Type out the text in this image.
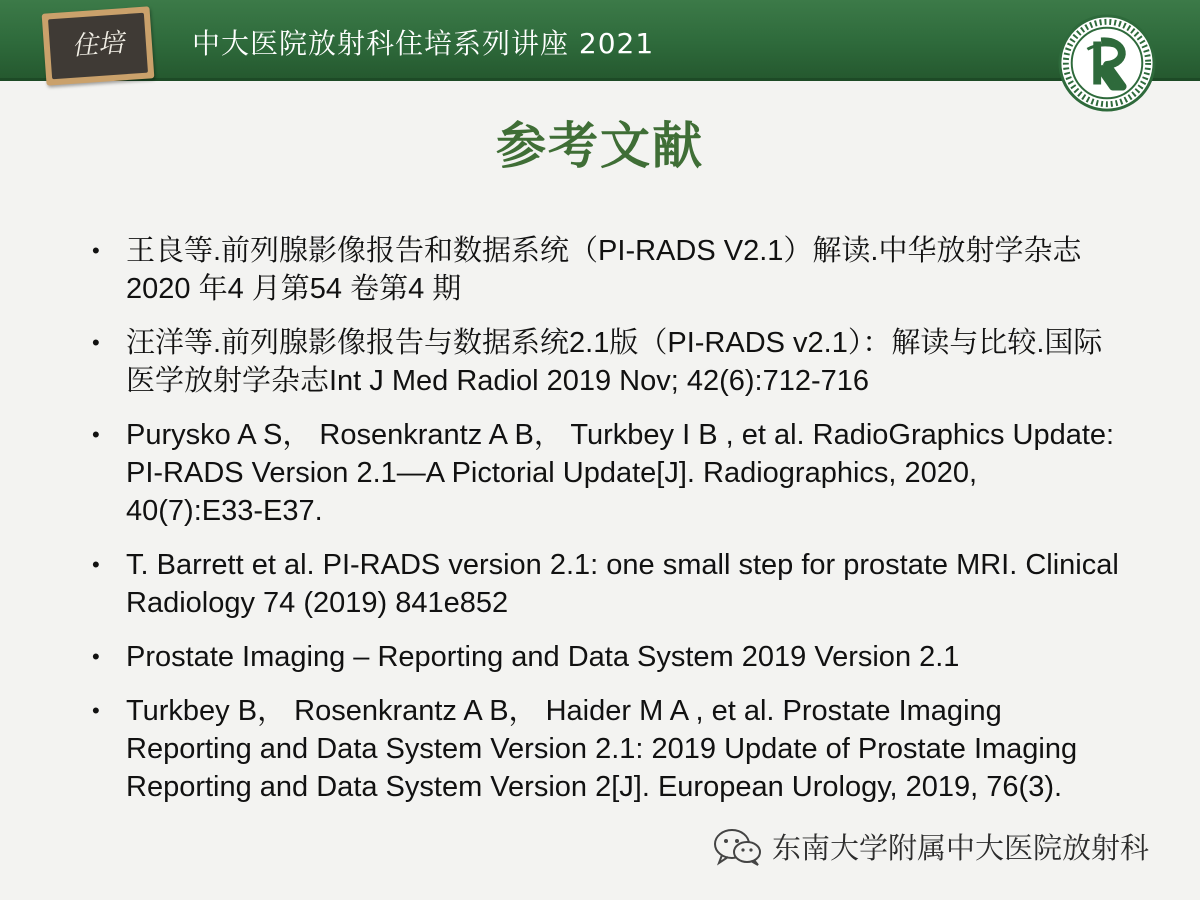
住培	中大医院放射科住培系列讲座 2021
参考文献
• 王良等.前列腺影像报告和数据系统（PI-RADS V2.1）解读.中华放射学杂志2020 年4 月第54 卷第4 期
• 汪洋等.前列腺影像报告与数据系统2.1版（PI-RADS v2.1）：解读与比较.国际医学放射学杂志Int J Med Radiol 2019 Nov; 42(6):712-716
• Purysko A S， Rosenkrantz A B， Turkbey I B , et al. RadioGraphics Update: PI-RADS Version 2.1—A Pictorial Update[J]. Radiographics, 2020, 40(7):E33-E37.
• T. Barrett et al. PI-RADS version 2.1: one small step for prostate MRI. Clinical Radiology 74 (2019) 841e852
• Prostate Imaging – Reporting and Data System 2019 Version 2.1
• Turkbey B， Rosenkrantz A B， Haider M A , et al. Prostate Imaging Reporting and Data System Version 2.1: 2019 Update of Prostate Imaging Reporting and Data System Version 2[J]. European Urology, 2019, 76(3).
东南大学附属中大医院放射科
